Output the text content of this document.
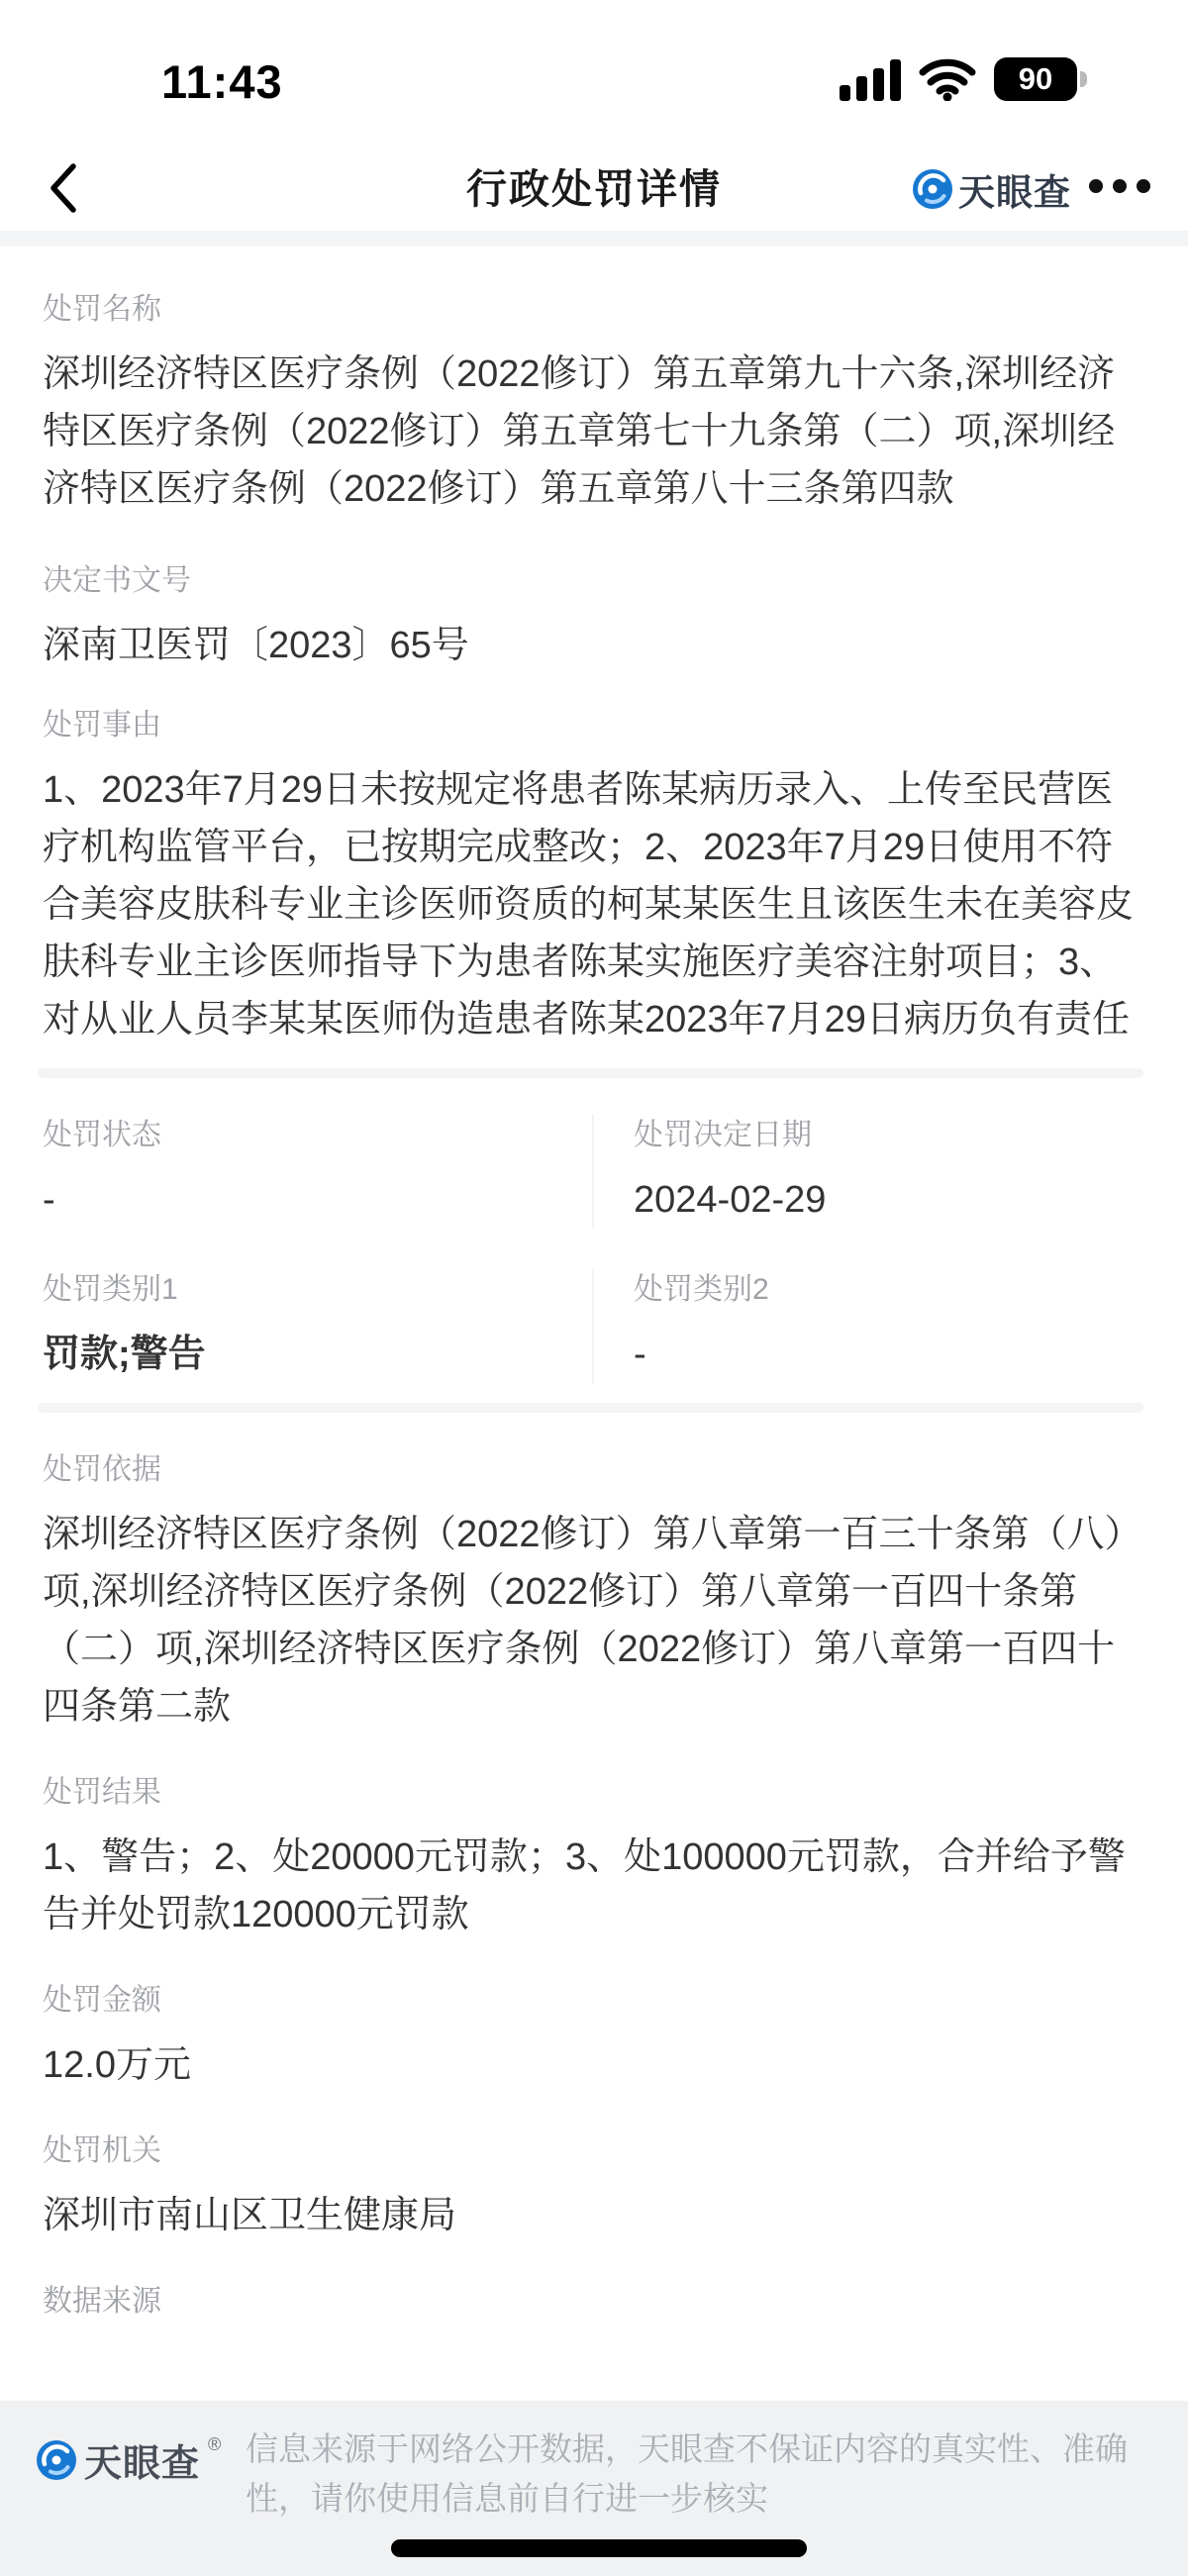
11:43	90
行政处罚详情	天眼查
处罚名称
深圳经济特区医疗条例（2022修订）第五章第九十六条,深圳经济特区医疗条例（2022修订）第五章第七十九条第（二）项,深圳经济特区医疗条例（2022修订）第五章第八十三条第四款
决定书文号
深南卫医罚〔2023〕65号
处罚事由
1、2023年7月29日未按规定将患者陈某病历录入、上传至民营医疗机构监管平台，已按期完成整改；2、2023年7月29日使用不符合美容皮肤科专业主诊医师资质的柯某某医生且该医生未在美容皮肤科专业主诊医师指导下为患者陈某实施医疗美容注射项目；3、对从业人员李某某医师伪造患者陈某2023年7月29日病历负有责任
处罚状态
-
处罚决定日期
2024-02-29
处罚类别1
罚款;警告
处罚类别2
-
处罚依据
深圳经济特区医疗条例（2022修订）第八章第一百三十条第（八）项,深圳经济特区医疗条例（2022修订）第八章第一百四十条第（二）项,深圳经济特区医疗条例（2022修订）第八章第一百四十四条第二款
处罚结果
1、警告；2、处20000元罚款；3、处100000元罚款，合并给予警告并处罚款120000元罚款
处罚金额
12.0万元
处罚机关
深圳市南山区卫生健康局
数据来源
天眼查 ® 信息来源于网络公开数据，天眼查不保证内容的真实性、准确性，请你使用信息前自行进一步核实
